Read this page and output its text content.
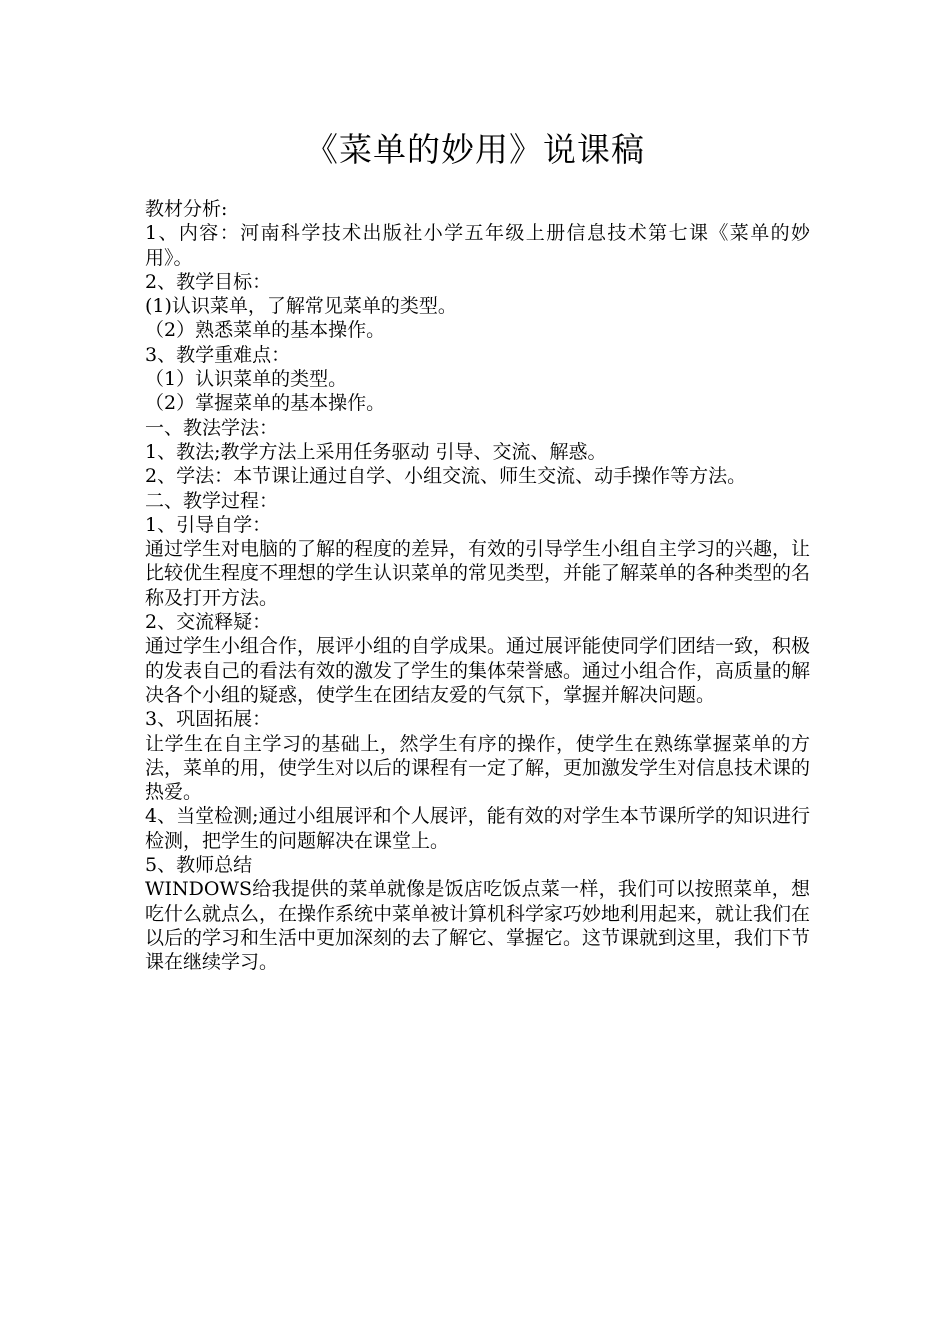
《菜单的妙用》说课稿

教材分析:

1、内容：河南科学技术出版社小学五年级上册信息技术第七课《菜单的妙用》。

2、教学目标：

(1)认识菜单，了解常见菜单的类型。

（2）熟悉菜单的基本操作。

3、教学重难点：

（1）认识菜单的类型。

（2）掌握菜单的基本操作。

一、教法学法：

1、教法;教学方法上采用任务驱动 引导、交流、解惑。

2、学法：本节课让通过自学、小组交流、师生交流、动手操作等方法。

二、教学过程：

1、引导自学：

通过学生对电脑的了解的程度的差异，有效的引导学生小组自主学习的兴趣，让比较优生程度不理想的学生认识菜单的常见类型，并能了解菜单的各种类型的名称及打开方法。

2、交流释疑：

通过学生小组合作，展评小组的自学成果。通过展评能使同学们团结一致，积极的发表自己的看法有效的激发了学生的集体荣誉感。通过小组合作，高质量的解决各个小组的疑惑，使学生在团结友爱的气氛下，掌握并解决问题。

3、巩固拓展：

让学生在自主学习的基础上，然学生有序的操作，使学生在熟练掌握菜单的方法，菜单的用，使学生对以后的课程有一定了解，更加激发学生对信息技术课的热爱。

4、当堂检测;通过小组展评和个人展评，能有效的对学生本节课所学的知识进行检测，把学生的问题解决在课堂上。

5、教师总结

WINDOWS给我提供的菜单就像是饭店吃饭点菜一样，我们可以按照菜单，想吃什么就点么，在操作系统中菜单被计算机科学家巧妙地利用起来，就让我们在以后的学习和生活中更加深刻的去了解它、掌握它。这节课就到这里，我们下节课在继续学习。
